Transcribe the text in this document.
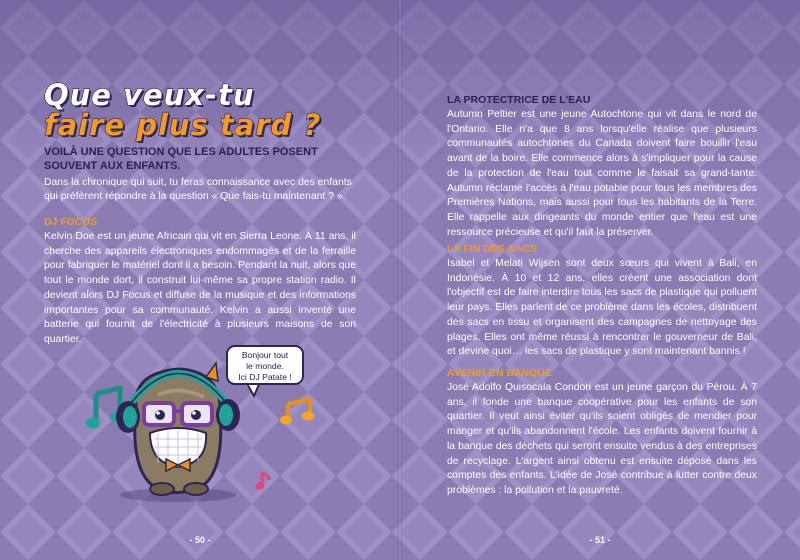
Que veux-tu
faire plus tard ?
VOILÀ UNE QUESTION QUE LES ADULTES POSENT SOUVENT AUX ENFANTS.
Dans la chronique qui suit, tu feras connaissance avec des enfants qui préfèrent répondre à la question « Que fais-tu maintenant ? ».

DJ FOCUS

Kelvin Doe est un jeune Africain qui vit en Sierra Leone. À 11 ans, il cherche des appareils électroniques endommagés et de la ferraille pour fabriquer le matériel dont il a besoin. Pendant la nuit, alors que tout le monde dort, il construit lui-même sa propre station radio. Il devient alors DJ Focus et diffuse de la musique et des informations importantes pour sa communauté. Kelvin a aussi inventé une batterie qui fournit de l'électricité à plusieurs maisons de son quartier.

Bonjour tout
le monde.
Ici DJ Patate !
- 50 -

LA PROTECTRICE DE L'EAU

Autumn Peltier est une jeune Autochtone qui vit dans le nord de l'Ontario. Elle n'a que 8 ans lorsqu'elle réalise que plusieurs communautés autochtones du Canada doivent faire bouillir l'eau avant de la boire. Elle commence alors à s'impliquer pour la cause de la protection de l'eau tout comme le faisait sa grand-tante. Autumn réclame l'accès à l'eau potable pour tous les membres des Premières Nations, mais aussi pour tous les habitants de la Terre. Elle rappelle aux dirigeants du monde entier que l'eau est une ressource précieuse et qu'il faut la préserver.

LA FIN DES SACS

Isabel et Melati Wijsen sont deux sœurs qui vivent à Bali, en Indonésie. À 10 et 12 ans, elles créent une association dont l'objectif est de faire interdire tous les sacs de plastique qui polluent leur pays. Elles parlent de ce problème dans les écoles, distribuent des sacs en tissu et organisent des campagnes de nettoyage des plages. Elles ont même réussi à rencontrer le gouverneur de Bali, et devine quoi… les sacs de plastique y sont maintenant bannis !

AVENIR EN BANQUE

José Adolfo Quisocala Condori est un jeune garçon du Pérou. À 7 ans, il fonde une banque coopérative pour les enfants de son quartier. Il veut ainsi éviter qu'ils soient obligés de mendier pour manger et qu'ils abandonnent l'école. Les enfants doivent fournir à la banque des déchets qui seront ensuite vendus à des entreprises de recyclage. L'argent ainsi obtenu est ensuite déposé dans les comptes des enfants. L'idée de José contribue à lutter contre deux problèmes : la pollution et la pauvreté.

- 51 -
